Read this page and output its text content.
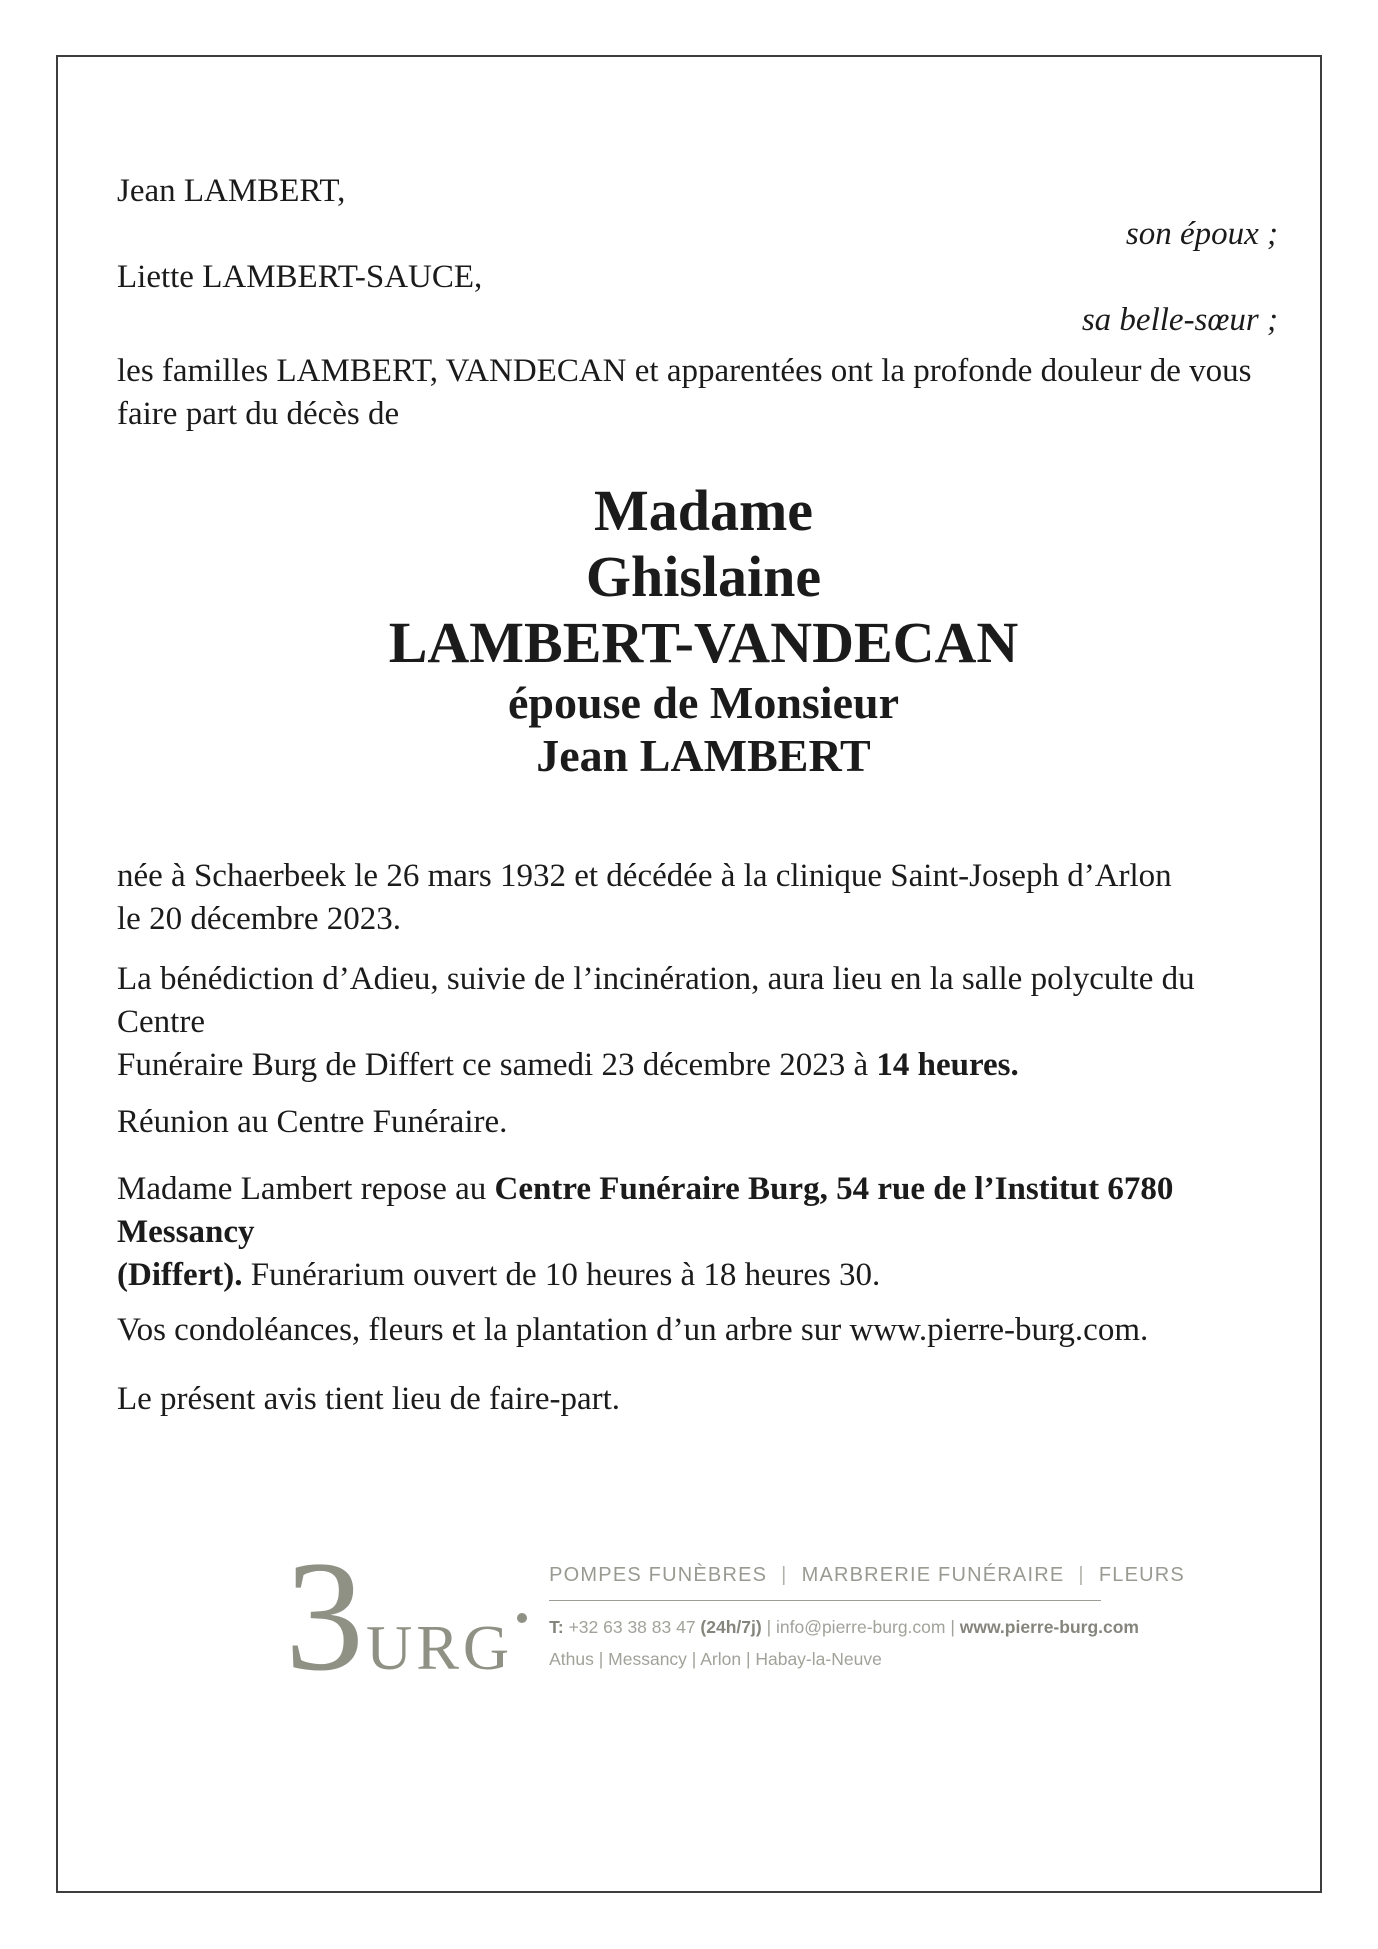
Jean LAMBERT,
son époux ;
Liette LAMBERT-SAUCE,
sa belle-sœur ;
les familles LAMBERT, VANDECAN et apparentées ont la profonde douleur de vous
faire part du décès de
Madame
Ghislaine
LAMBERT-VANDECAN
épouse de Monsieur
Jean LAMBERT

née à Schaerbeek le 26 mars 1932 et décédée à la clinique Saint-Joseph d’Arlon
le 20 décembre 2023.

La bénédiction d’Adieu, suivie de l’incinération, aura lieu en la salle polyculte du Centre
Funéraire Burg de Differt ce samedi 23 décembre 2023 à 14 heures.

Réunion au Centre Funéraire.

Madame Lambert repose au Centre Funéraire Burg, 54 rue de l’Institut 6780 Messancy
(Differt). Funérarium ouvert de 10 heures à 18 heures 30.

Vos condoléances, fleurs et la plantation d’un arbre sur www.pierre-burg.com.

Le présent avis tient lieu de faire-part.

3URG
POMPES FUNÈBRES | MARBRERIE FUNÉRAIRE | FLEURS
T: +32 63 38 83 47 (24h/7j) | info@pierre-burg.com | www.pierre-burg.com
Athus | Messancy | Arlon | Habay-la-Neuve
